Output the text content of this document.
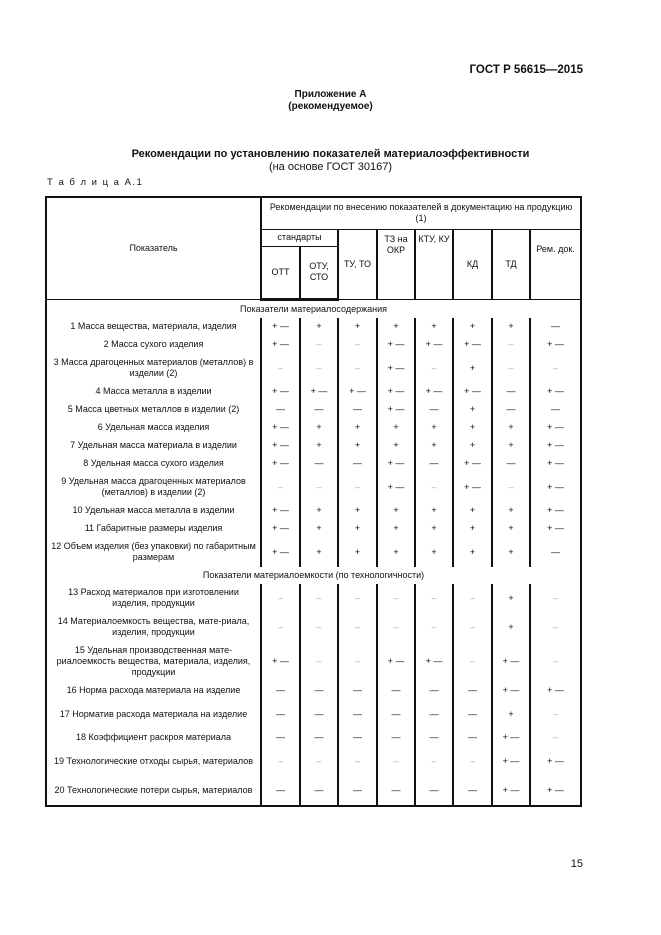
ГОСТ Р 56615—2015
Приложение А
(рекомендуемое)
Рекомендации по установлению показателей материалоэффективности
(на основе ГОСТ 30167)
Т а б л и ц а А.1
Показатель	Рекомендации по внесению показателей в документацию на продукцию (1)							
	стандарты		ТУ, ТО	ТЗ на ОКР	КТУ, КУ	КД	ТД	Рем. док.
	ОТТ	ОТУ, СТО						
Показатели материалосодержания								
1 Масса вещества, материала, изделия	+ —	+	+	+	+	+	+	—
2 Масса сухого изделия	+ —	–	–	+ —	+ —	+ —	–	+ —
3 Масса драгоценных материалов (металлов) в изделии (2)	–	–	–	+ —	–	+	–	–
4 Масса металла в изделии	+ —	+ —	+ —	+ —	+ —	+ —	—	+ —
5 Масса цветных металлов в изделии (2)	—	—	—	+ —	—	+	—	—
6 Удельная масса изделия	+ —	+	+	+	+	+	+	+ —
7 Удельная масса материала в изделии	+ —	+	+	+	+	+	+	+ —
8 Удельная масса сухого изделия	+ —	—	—	+ —	—	+ —	—	+ —
9 Удельная масса драгоценных материалов (металлов) в изделии (2)	–	–	–	+ —	–	+ —	–	+ —
10 Удельная масса металла в изделии	+ —	+	+	+	+	+	+	+ —
11 Габаритные размеры изделия	+ —	+	+	+	+	+	+	+ —
12 Объем изделия (без упаковки) по габаритным размерам	+ —	+	+	+	+	+	+	—
Показатели материалоемкости (по технологичности)								
13 Расход материалов при изготовлении изделия, продукции	–	–	–	–	–	–	+	–
14 Материалоемкость вещества, мате-риала, изделия, продукции	–	–	–	–	–	–	+	–
15 Удельная производственная мате-риалоемкость вещества, материала, изделия, продукции	+ —	–	–	+ —	+ —	–	+ —	–
16 Норма расхода материала на изделие	—	—	—	—	—	—	+ —	+ —
17 Норматив расхода материала на изделие	—	—	—	—	—	—	+	–
18 Коэффициент раскроя материала	—	—	—	—	—	—	+ —	–
19 Технологические отходы сырья, материалов	–	–	–	–	–	–	+ —	+ —
20 Технологические потери сырья, материалов	—	—	—	—	—	—	+ —	+ —
15
